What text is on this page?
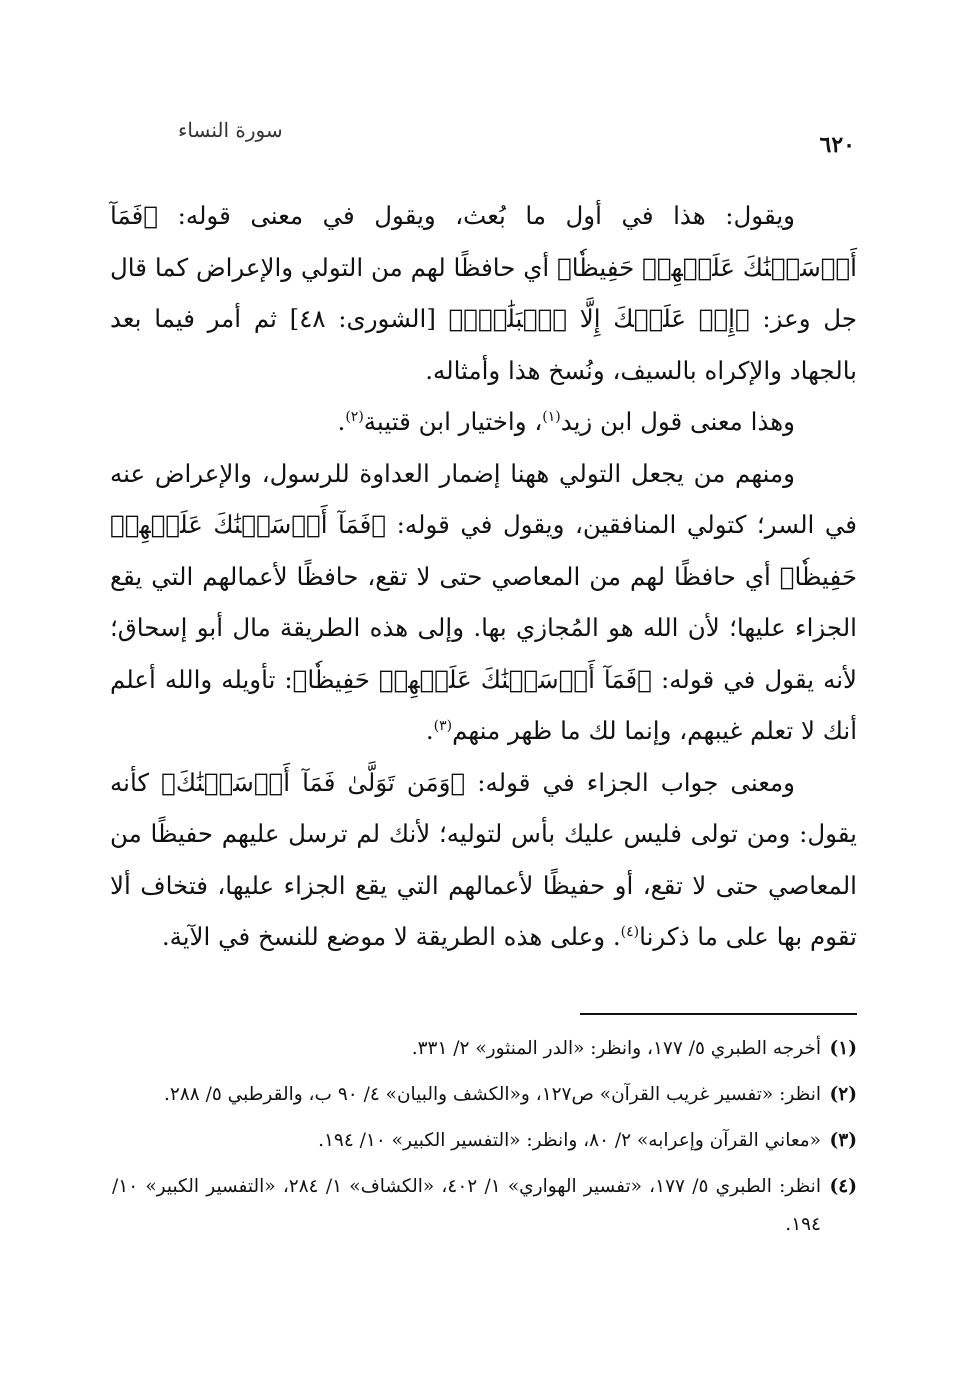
٦٢٠
سورة النساء

ويقول: هذا في أول ما بُعث، ويقول في معنى قوله: ﴿فَمَآ أَرۡسَلۡنَٰكَ عَلَيۡهِمۡ حَفِيظٗا﴾ أي حافظًا لهم من التولي والإعراض كما قال جل وعز: ﴿إِنۡ عَلَيۡكَ إِلَّا ٱلۡبَلَٰغُۗ﴾ [الشورى: ٤٨] ثم أمر فيما بعد بالجهاد والإكراه بالسيف، ونُسخ هذا وأمثاله.

وهذا معنى قول ابن زيد$^{(١)}$، واختيار ابن قتيبة$^{(٢)}$.

ومنهم من يجعل التولي ههنا إضمار العداوة للرسول، والإعراض عنه في السر؛ كتولي المنافقين، ويقول في قوله: ﴿فَمَآ أَرۡسَلۡنَٰكَ عَلَيۡهِمۡ حَفِيظٗا﴾ أي حافظًا لهم من المعاصي حتى لا تقع، حافظًا لأعمالهم التي يقع الجزاء عليها؛ لأن الله هو المُجازي بها. وإلى هذه الطريقة مال أبو إسحاق؛ لأنه يقول في قوله: ﴿فَمَآ أَرۡسَلۡنَٰكَ عَلَيۡهِمۡ حَفِيظٗا﴾: تأويله والله أعلم أنك لا تعلم غيبهم، وإنما لك ما ظهر منهم$^{(٣)}$.

ومعنى جواب الجزاء في قوله: ﴿وَمَن تَوَلَّىٰ فَمَآ أَرۡسَلۡنَٰكَ﴾ كأنه يقول: ومن تولى فليس عليك بأس لتوليه؛ لأنك لم ترسل عليهم حفيظًا من المعاصي حتى لا تقع، أو حفيظًا لأعمالهم التي يقع الجزاء عليها، فتخاف ألا تقوم بها على ما ذكرنا$^{(٤)}$. وعلى هذه الطريقة لا موضع للنسخ في الآية.

(١)
أخرجه الطبري ٥/ ١٧٧، وانظر: «الدر المنثور» ٢/ ٣٣١.

(٢)
انظر: «تفسير غريب القرآن» ص١٢٧، و«الكشف والبيان» ٤/ ٩٠ ب، والقرطبي ٥/ ٢٨٨.

(٣)
«معاني القرآن وإعرابه» ٢/ ٨٠، وانظر: «التفسير الكبير» ١٠/ ١٩٤.

(٤)
انظر: الطبري ٥/ ١٧٧، «تفسير الهواري» ١/ ٤٠٢، «الكشاف» ١/ ٢٨٤، «التفسير الكبير» ١٠/ ١٩٤.
